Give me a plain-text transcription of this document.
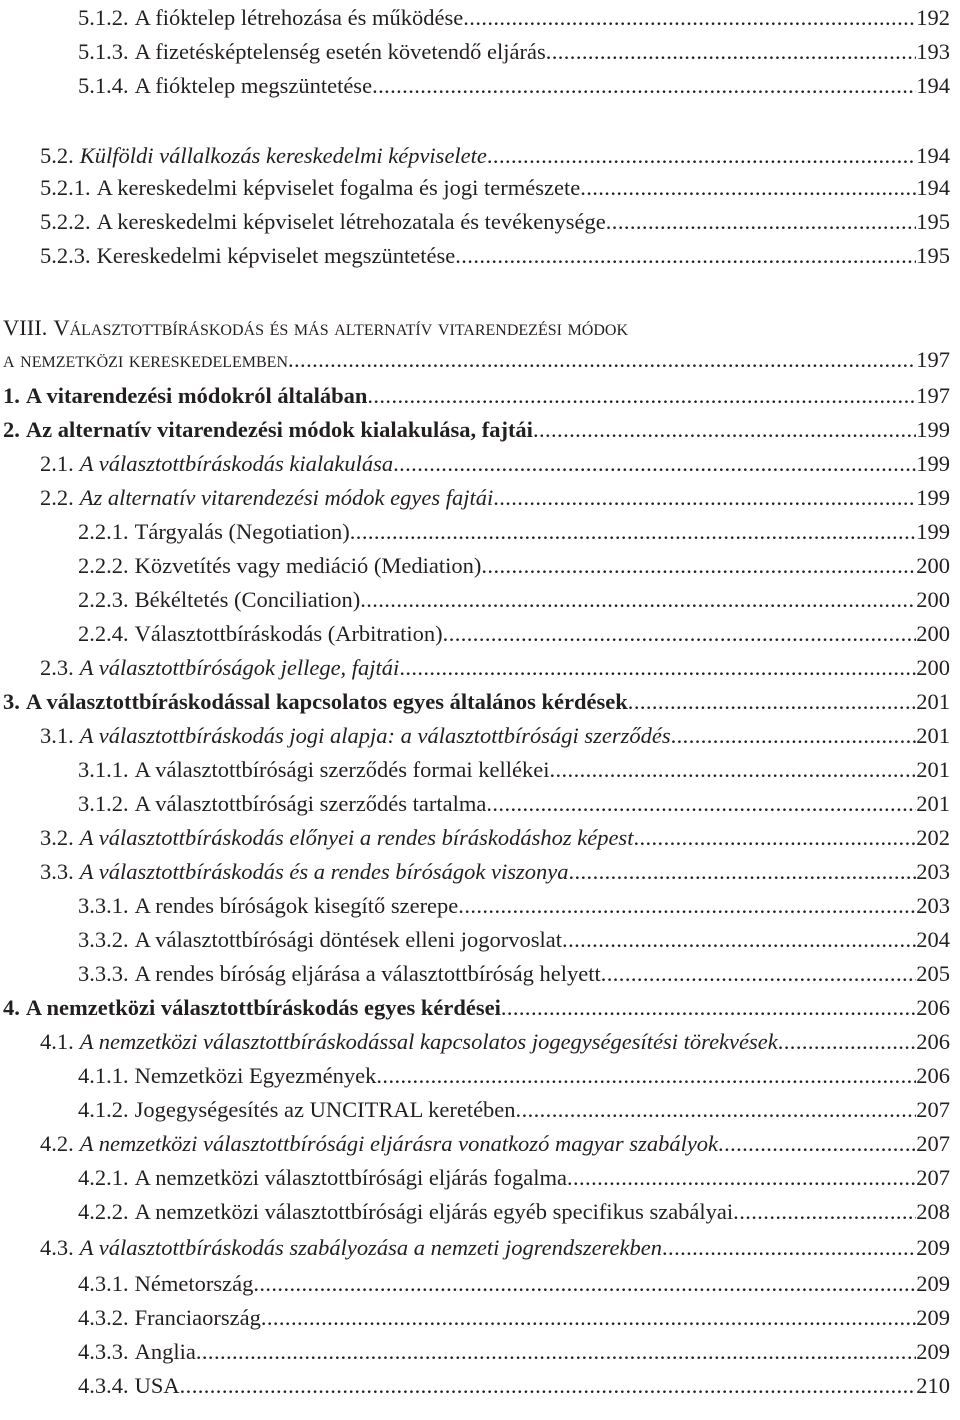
5.1.2. A fióktelep létrehozása és működése .....	192
5.1.3. A fizetésképtelenség esetén követendő eljárás .....	193
5.1.4. A fióktelep megszüntetése .....	194
5.2. Külföldi vállalkozás kereskedelmi képviselete .....	194
5.2.1. A kereskedelmi képviselet fogalma és jogi természete .....	194
5.2.2. A kereskedelmi képviselet létrehozatala és tevékenysége .....	195
5.2.3. Kereskedelmi képviselet megszüntetése .....	195
VIII. Választottbíráskodás és más alternatív vitarendezési módok
a nemzetközi kereskedelemben .....	197
1. A vitarendezési módokról általában .....	197
2. Az alternatív vitarendezési módok kialakulása, fajtái .....	199
2.1. A választottbíráskodás kialakulása .....	199
2.2. Az alternatív vitarendezési módok egyes fajtái .....	199
2.2.1. Tárgyalás (Negotiation) .....	199
2.2.2. Közvetítés vagy mediáció (Mediation) .....	200
2.2.3. Békéltetés (Conciliation) .....	200
2.2.4. Választottbíráskodás (Arbitration) .....	200
2.3. A választottbíróságok jellege, fajtái .....	200
3. A választottbíráskodással kapcsolatos egyes általános kérdések .....	201
3.1. A választottbíráskodás jogi alapja: a választottbírósági szerződés .....	201
3.1.1. A választottbírósági szerződés formai kellékei .....	201
3.1.2. A választottbírósági szerződés tartalma .....	201
3.2. A választottbíráskodás előnyei a rendes bíráskodáshoz képest .....	202
3.3. A választottbíráskodás és a rendes bíróságok viszonya .....	203
3.3.1. A rendes bíróságok kisegítő szerepe .....	203
3.3.2. A választottbírósági döntések elleni jogorvoslat .....	204
3.3.3. A rendes bíróság eljárása a választottbíróság helyett .....	205
4. A nemzetközi választottbíráskodás egyes kérdései .....	206
4.1. A nemzetközi választottbíráskodással kapcsolatos jogegységesítési törekvések .....	206
4.1.1. Nemzetközi Egyezmények .....	206
4.1.2. Jogegységesítés az UNCITRAL keretében .....	207
4.2. A nemzetközi választottbírósági eljárásra vonatkozó magyar szabályok .....	207
4.2.1. A nemzetközi választottbírósági eljárás fogalma .....	207
4.2.2. A nemzetközi választottbírósági eljárás egyéb specifikus szabályai .....	208
4.3. A választottbíráskodás szabályozása a nemzeti jogrendszerekben .....	209
4.3.1. Németország .....	209
4.3.2. Franciaország .....	209
4.3.3. Anglia .....	209
4.3.4. USA .....	210
